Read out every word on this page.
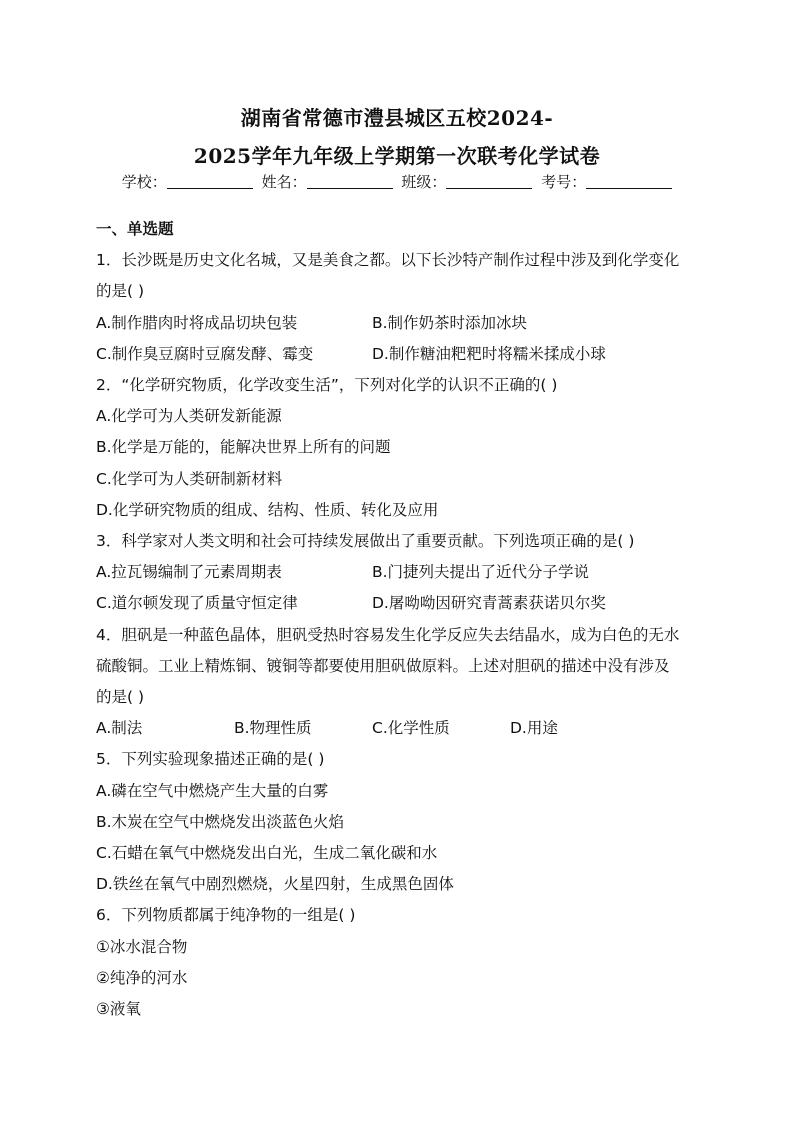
湖南省常德市澧县城区五校2024-
2025学年九年级上学期第一次联考化学试卷
学校：	姓名：	班级：	考号：
一、单选题
1．长沙既是历史文化名城，又是美食之都。以下长沙特产制作过程中涉及到化学变化
的是( )
A.制作腊肉时将成品切块包装	B.制作奶茶时添加冰块
C.制作臭豆腐时豆腐发酵、霉变	D.制作糖油粑粑时将糯米揉成小球
2．“化学研究物质，化学改变生活”，下列对化学的认识不正确的( )
A.化学可为人类研发新能源
B.化学是万能的，能解决世界上所有的问题
C.化学可为人类研制新材料
D.化学研究物质的组成、结构、性质、转化及应用
3．科学家对人类文明和社会可持续发展做出了重要贡献。下列选项正确的是( )
A.拉瓦锡编制了元素周期表	B.门捷列夫提出了近代分子学说
C.道尔顿发现了质量守恒定律	D.屠呦呦因研究青蒿素获诺贝尔奖
4．胆矾是一种蓝色晶体，胆矾受热时容易发生化学反应失去结晶水，成为白色的无水
硫酸铜。工业上精炼铜、镀铜等都要使用胆矾做原料。上述对胆矾的描述中没有涉及
的是( )
A.制法	B.物理性质	C.化学性质	D.用途
5．下列实验现象描述正确的是( )
A.磷在空气中燃烧产生大量的白雾
B.木炭在空气中燃烧发出淡蓝色火焰
C.石蜡在氧气中燃烧发出白光，生成二氧化碳和水
D.铁丝在氧气中剧烈燃烧，火星四射，生成黑色固体
6．下列物质都属于纯净物的一组是( )
①冰水混合物
②纯净的河水
③液氧
